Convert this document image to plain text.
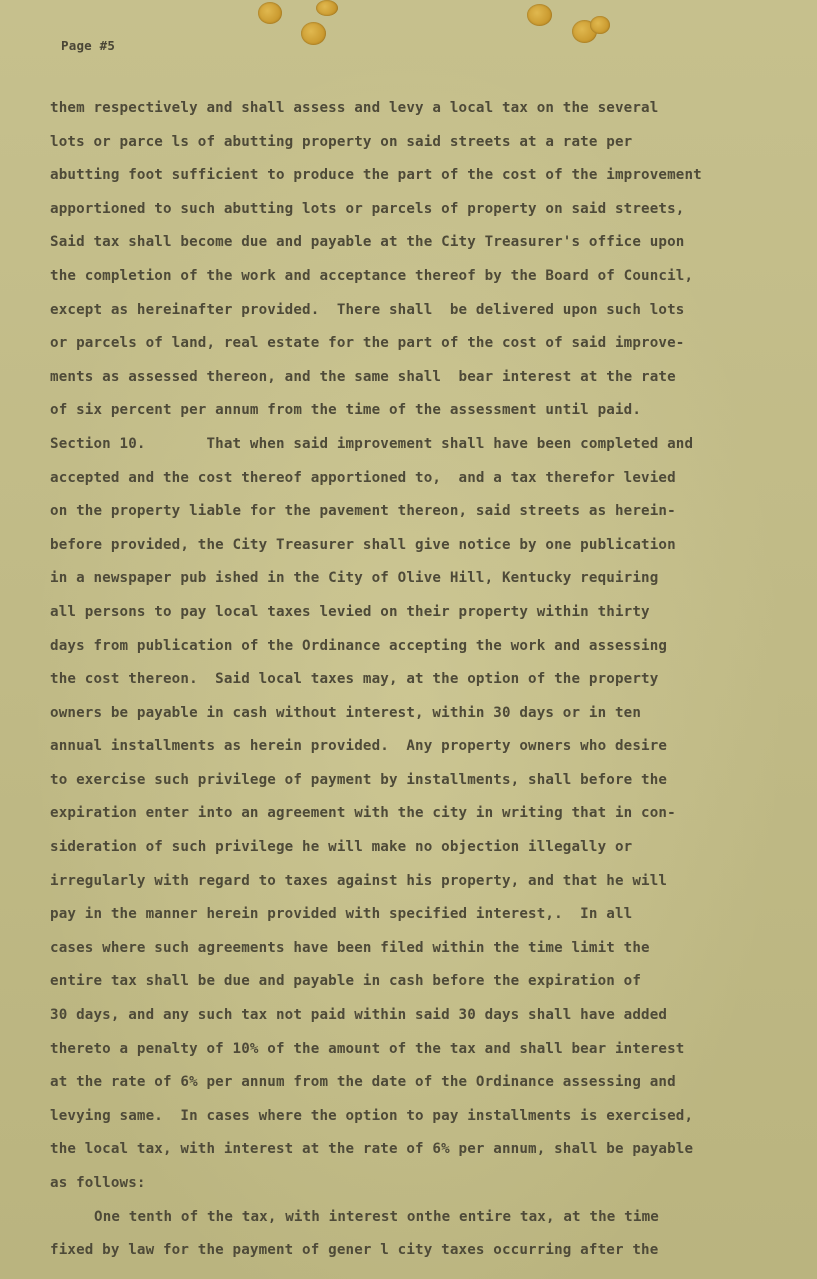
Page #5
them respectively and shall assess and levy a local tax on the several
lots or parce ls of abutting property on said streets at a rate per
abutting foot sufficient to produce the part of the cost of the improvement
apportioned to such abutting lots or parcels of property on said streets,
Said tax shall become due and payable at the City Treasurer's office upon
the completion of the work and acceptance thereof by the Board of Council,
except as hereinafter provided.  There shall  be delivered upon such lots
or parcels of land, real estate for the part of the cost of said improve-
ments as assessed thereon, and the same shall  bear interest at the rate
of six percent per annum from the time of the assessment until paid.
Section 10.       That when said improvement shall have been completed and
accepted and the cost thereof apportioned to,  and a tax therefor levied
on the property liable for the pavement thereon, said streets as herein-
before provided, the City Treasurer shall give notice by one publication
in a newspaper pub ished in the City of Olive Hill, Kentucky requiring
all persons to pay local taxes levied on their property within thirty
days from publication of the Ordinance accepting the work and assessing
the cost thereon.  Said local taxes may, at the option of the property
owners be payable in cash without interest, within 30 days or in ten
annual installments as herein provided.  Any property owners who desire
to exercise such privilege of payment by installments, shall before the
expiration enter into an agreement with the city in writing that in con-
sideration of such privilege he will make no objection illegally or
irregularly with regard to taxes against his property, and that he will
pay in the manner herein provided with specified interest,.  In all
cases where such agreements have been filed within the time limit the
entire tax shall be due and payable in cash before the expiration of
30 days, and any such tax not paid within said 30 days shall have added
thereto a penalty of 10% of the amount of the tax and shall bear interest
at the rate of 6% per annum from the date of the Ordinance assessing and
levying same.  In cases where the option to pay installments is exercised,
the local tax, with interest at the rate of 6% per annum, shall be payable
as follows:
One tenth of the tax, with interest onthe entire tax, at the time
fixed by law for the payment of gener l city taxes occurring after the
